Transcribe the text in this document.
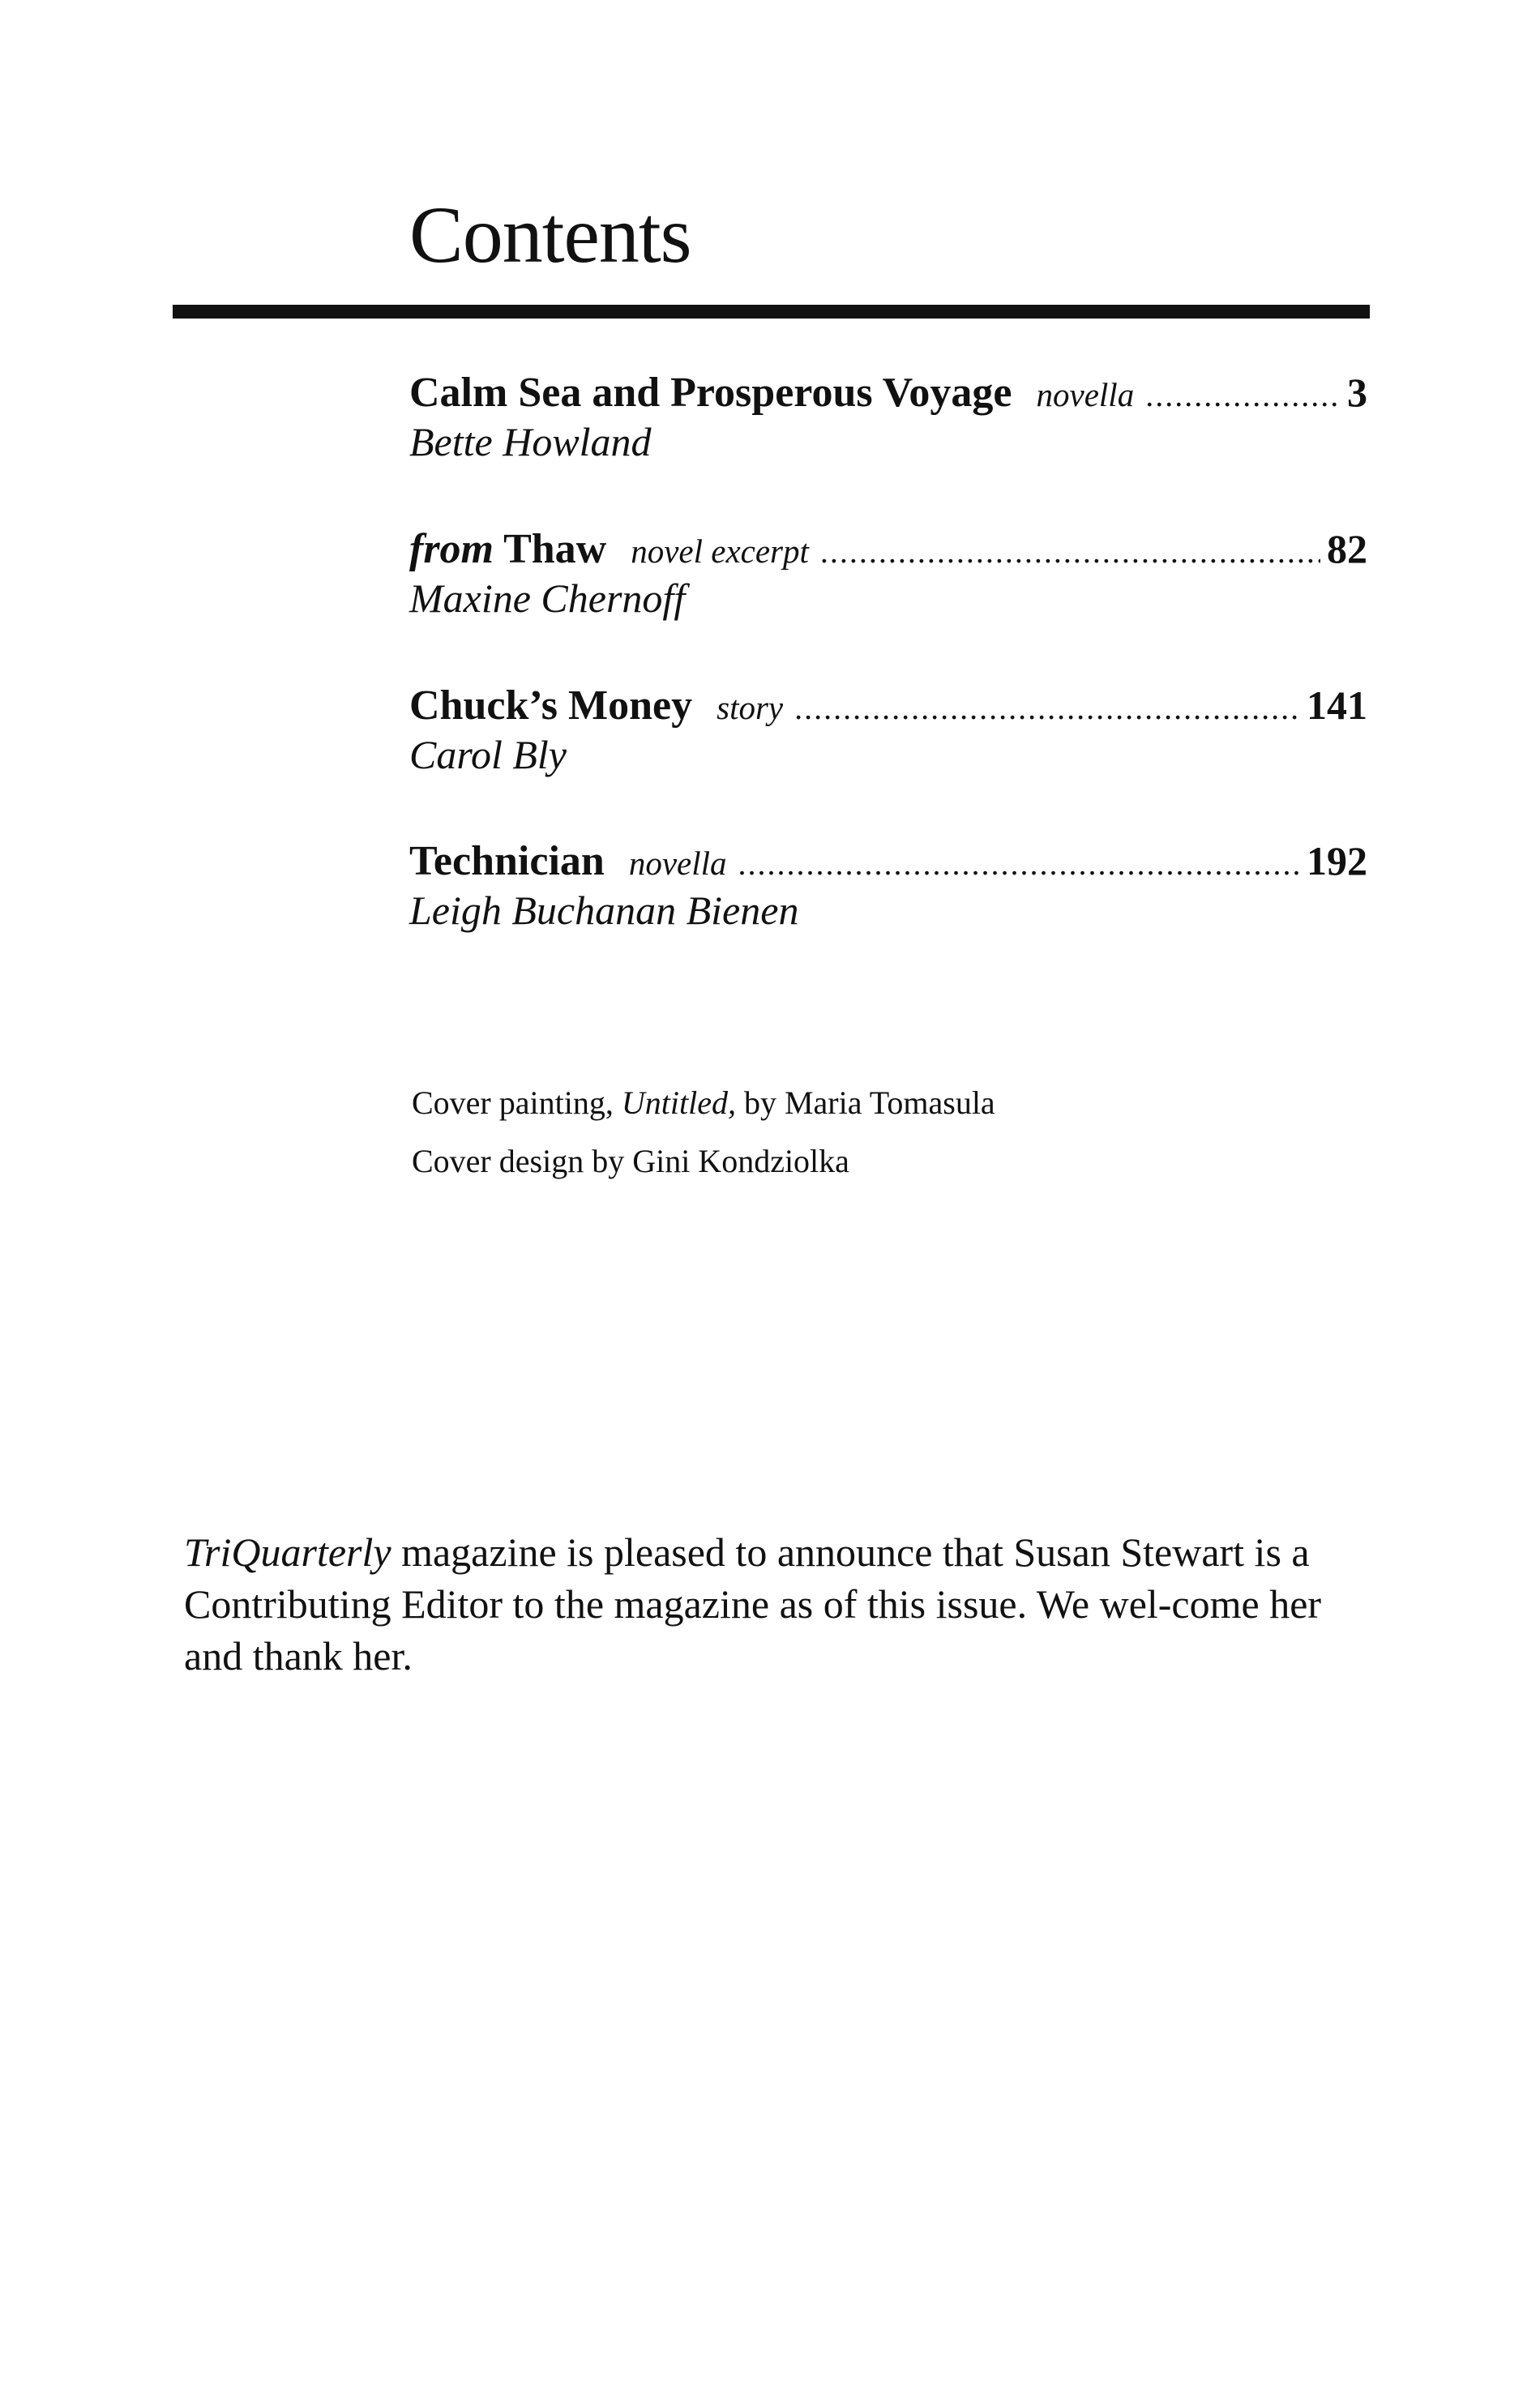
Contents
Calm Sea and Prosperous Voyage novella . . .	3
Bette Howland
from Thaw novel excerpt . . .	82
Maxine Chernoff
Chuck’s Money story . . .	141
Carol Bly
Technician novella . . .	192
Leigh Buchanan Bienen
Cover painting, Untitled, by Maria Tomasula
Cover design by Gini Kondziolka

TriQuarterly magazine is pleased to announce that Susan Stewart is a Contributing Editor to the magazine as of this issue. We wel-come her and thank her.
